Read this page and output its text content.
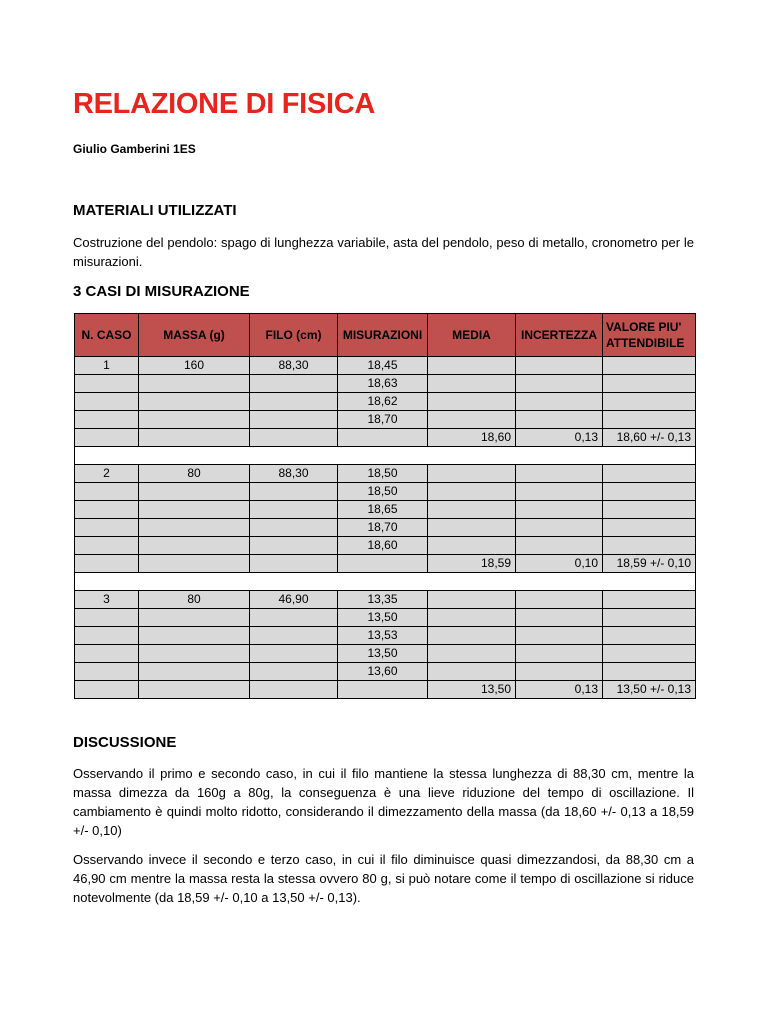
RELAZIONE DI FISICA
Giulio Gamberini 1ES
MATERIALI UTILIZZATI

Costruzione del pendolo: spago di lunghezza variabile, asta del pendolo, peso di metallo, cronometro per le misurazioni.

3 CASI DI MISURAZIONE
N. CASO	MASSA (g)	FILO (cm)	MISURAZIONI	MEDIA	INCERTEZZA	VALORE PIU' ATTENDIBILE
1	160	88,30	18,45			
			18,63			
			18,62			
			18,70			
				18,60	0,13	18,60 +/- 0,13

2	80	88,30	18,50			
			18,50			
			18,65			
			18,70			
			18,60			
				18,59	0,10	18,59 +/- 0,10

3	80	46,90	13,35			
			13,50			
			13,53			
			13,50			
			13,60			
				13,50	0,13	13,50 +/- 0,13
DISCUSSIONE

Osservando il primo e secondo caso, in cui il filo mantiene la stessa lunghezza di 88,30 cm, mentre la massa dimezza da 160g a 80g, la conseguenza è una lieve riduzione del tempo di oscillazione. Il cambiamento è quindi molto ridotto, considerando il dimezzamento della massa (da 18,60 +/- 0,13 a 18,59 +/- 0,10)

Osservando invece il secondo e terzo caso, in cui il filo diminuisce quasi dimezzandosi, da 88,30 cm a 46,90 cm mentre la massa resta la stessa ovvero 80 g, si può notare come il tempo di oscillazione si riduce notevolmente (da 18,59 +/- 0,10 a 13,50 +/- 0,13).
